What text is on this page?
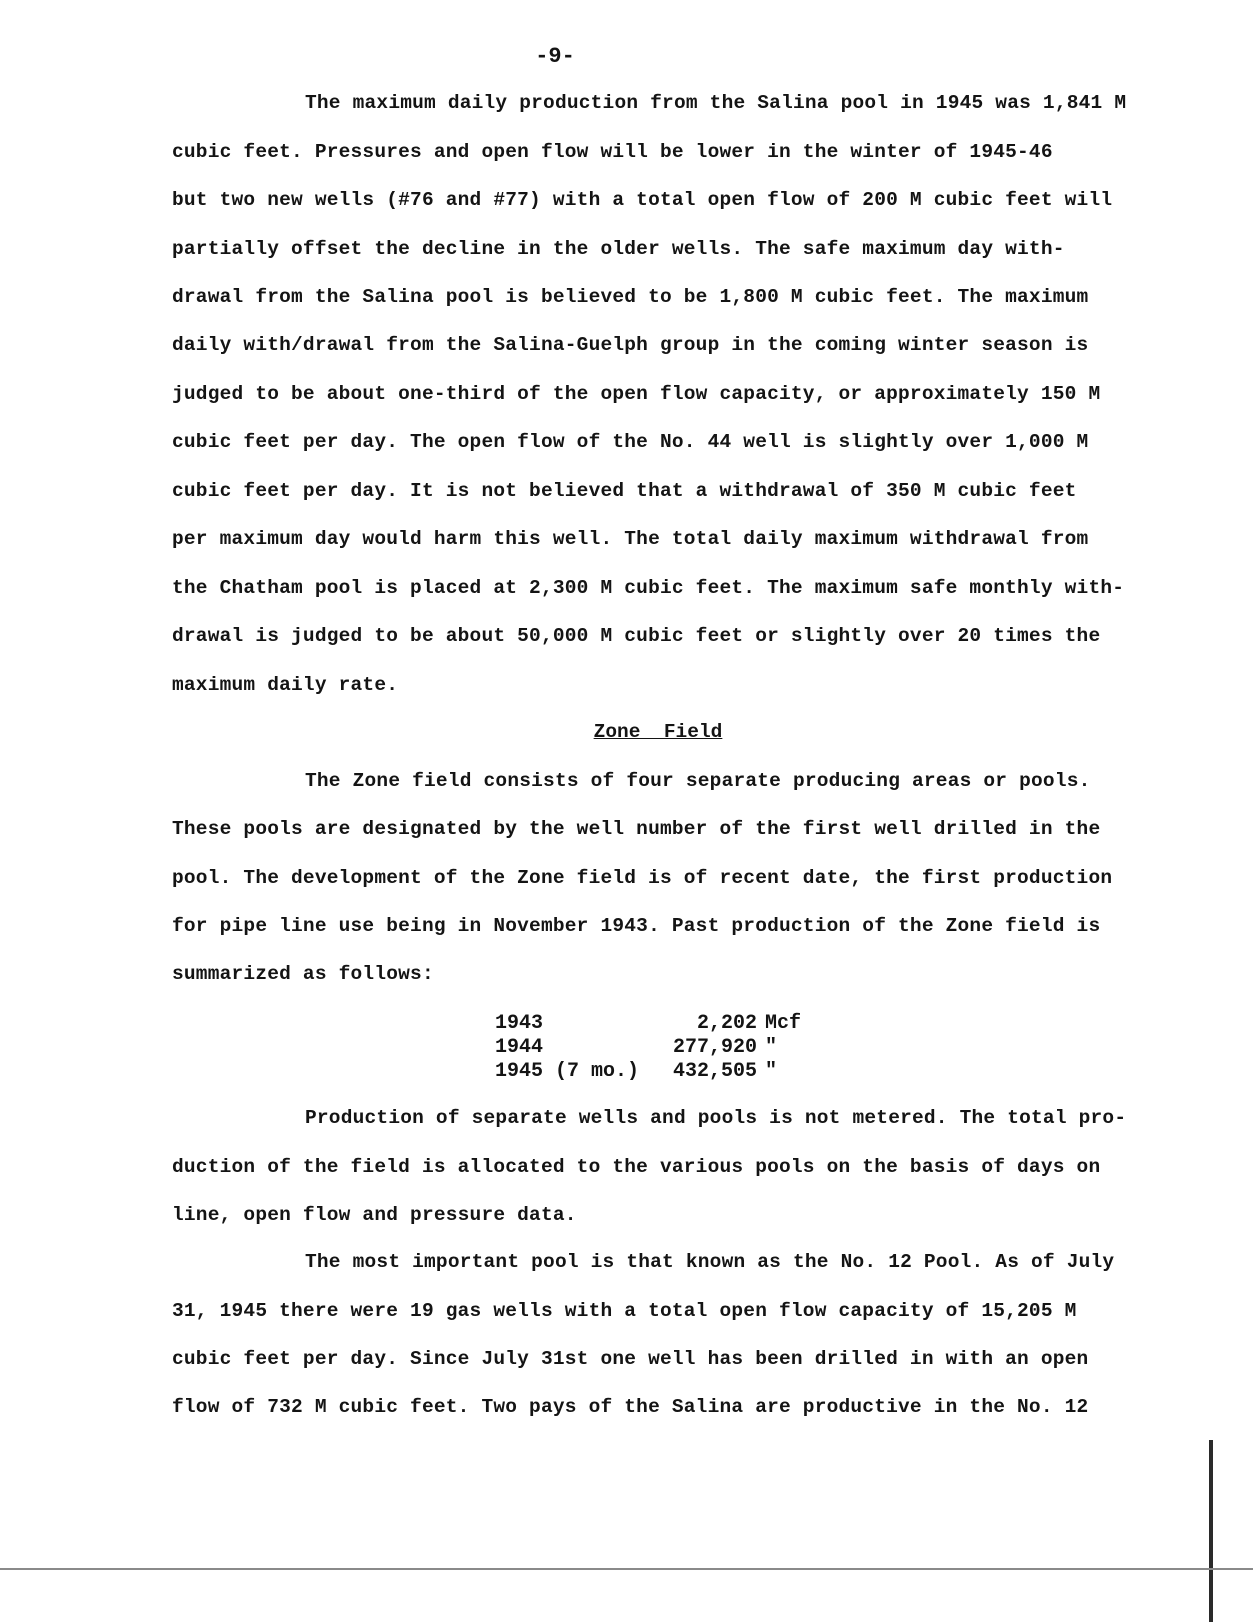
-9-
The maximum daily production from the Salina pool in 1945 was 1,841 M
cubic feet. Pressures and open flow will be lower in the winter of 1945-46
but two new wells (#76 and #77) with a total open flow of 200 M cubic feet will
partially offset the decline in the older wells. The safe maximum day with-
drawal from the Salina pool is believed to be 1,800 M cubic feet. The maximum
daily with/drawal from the Salina-Guelph group in the coming winter season is
judged to be about one-third of the open flow capacity, or approximately 150 M
cubic feet per day. The open flow of the No. 44 well is slightly over 1,000 M
cubic feet per day. It is not believed that a withdrawal of 350 M cubic feet
per maximum day would harm this well. The total daily maximum withdrawal from
the Chatham pool is placed at 2,300 M cubic feet. The maximum safe monthly with-
drawal is judged to be about 50,000 M cubic feet or slightly over 20 times the
maximum daily rate.
Zone  Field
The Zone field consists of four separate producing areas or pools.
These pools are designated by the well number of the first well drilled in the
pool. The development of the Zone field is of recent date, the first production
for pipe line use being in November 1943. Past production of the Zone field is
summarized as follows:
1943	2,202 Mcf
1944	277,920 "
1945 (7 mo.)	432,505 "
Production of separate wells and pools is not metered. The total pro-
duction of the field is allocated to the various pools on the basis of days on
line, open flow and pressure data.
The most important pool is that known as the No. 12 Pool. As of July
31, 1945 there were 19 gas wells with a total open flow capacity of 15,205 M
cubic feet per day. Since July 31st one well has been drilled in with an open
flow of 732 M cubic feet. Two pays of the Salina are productive in the No. 12
